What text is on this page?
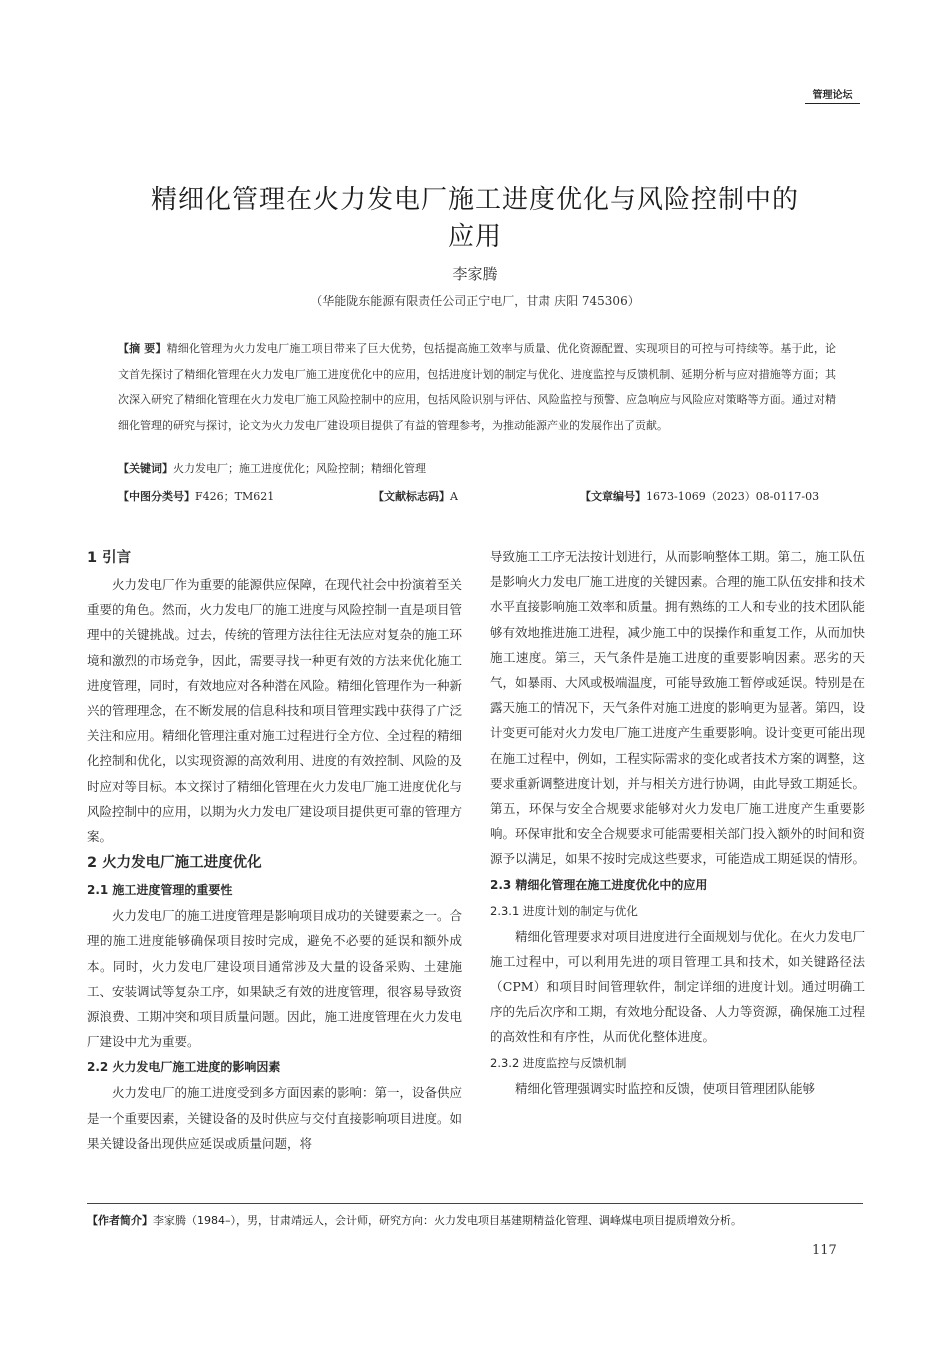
管理论坛
精细化管理在火力发电厂施工进度优化与风险控制中的
应用
李家腾
（华能陇东能源有限责任公司正宁电厂，甘肃 庆阳 745306）
【摘 要】精细化管理为火力发电厂施工项目带来了巨大优势，包括提高施工效率与质量、优化资源配置、实现项目的可控与可持续等。基于此，论文首先探讨了精细化管理在火力发电厂施工进度优化中的应用，包括进度计划的制定与优化、进度监控与反馈机制、延期分析与应对措施等方面；其次深入研究了精细化管理在火力发电厂施工风险控制中的应用，包括风险识别与评估、风险监控与预警、应急响应与风险应对策略等方面。通过对精细化管理的研究与探讨，论文为火力发电厂建设项目提供了有益的管理参考，为推动能源产业的发展作出了贡献。
【关键词】火力发电厂；施工进度优化；风险控制；精细化管理
【中图分类号】F426；TM621	【文献标志码】A	【文章编号】1673-1069（2023）08-0117-03
1 引言

火力发电厂作为重要的能源供应保障，在现代社会中扮演着至关重要的角色。然而，火力发电厂的施工进度与风险控制一直是项目管理中的关键挑战。过去，传统的管理方法往往无法应对复杂的施工环境和激烈的市场竞争，因此，需要寻找一种更有效的方法来优化施工进度管理，同时，有效地应对各种潜在风险。精细化管理作为一种新兴的管理理念，在不断发展的信息科技和项目管理实践中获得了广泛关注和应用。精细化管理注重对施工过程进行全方位、全过程的精细化控制和优化，以实现资源的高效利用、进度的有效控制、风险的及时应对等目标。本文探讨了精细化管理在火力发电厂施工进度优化与风险控制中的应用，以期为火力发电厂建设项目提供更可靠的管理方案。

2 火力发电厂施工进度优化
2.1 施工进度管理的重要性

火力发电厂的施工进度管理是影响项目成功的关键要素之一。合理的施工进度能够确保项目按时完成，避免不必要的延误和额外成本。同时，火力发电厂建设项目通常涉及大量的设备采购、土建施工、安装调试等复杂工序，如果缺乏有效的进度管理，很容易导致资源浪费、工期冲突和项目质量问题。因此，施工进度管理在火力发电厂建设中尤为重要。

2.2 火力发电厂施工进度的影响因素

火力发电厂的施工进度受到多方面因素的影响：第一，设备供应是一个重要因素，关键设备的及时供应与交付直接影响项目进度。如果关键设备出现供应延误或质量问题，将

导致施工工序无法按计划进行，从而影响整体工期。第二，施工队伍是影响火力发电厂施工进度的关键因素。合理的施工队伍安排和技术水平直接影响施工效率和质量。拥有熟练的工人和专业的技术团队能够有效地推进施工进程，减少施工中的误操作和重复工作，从而加快施工速度。第三，天气条件是施工进度的重要影响因素。恶劣的天气，如暴雨、大风或极端温度，可能导致施工暂停或延误。特别是在露天施工的情况下，天气条件对施工进度的影响更为显著。第四，设计变更可能对火力发电厂施工进度产生重要影响。设计变更可能出现在施工过程中，例如，工程实际需求的变化或者技术方案的调整，这要求重新调整进度计划，并与相关方进行协调，由此导致工期延长。第五，环保与安全合规要求能够对火力发电厂施工进度产生重要影响。环保审批和安全合规要求可能需要相关部门投入额外的时间和资源予以满足，如果不按时完成这些要求，可能造成工期延误的情形。

2.3 精细化管理在施工进度优化中的应用
2.3.1 进度计划的制定与优化

精细化管理要求对项目进度进行全面规划与优化。在火力发电厂施工过程中，可以利用先进的项目管理工具和技术，如关键路径法（CPM）和项目时间管理软件，制定详细的进度计划。通过明确工序的先后次序和工期，有效地分配设备、人力等资源，确保施工过程的高效性和有序性，从而优化整体进度。

2.3.2 进度监控与反馈机制

精细化管理强调实时监控和反馈，使项目管理团队能够

【作者简介】李家腾（1984–），男，甘肃靖远人，会计师，研究方向：火力发电项目基建期精益化管理、调峰煤电项目提质增效分析。
117
